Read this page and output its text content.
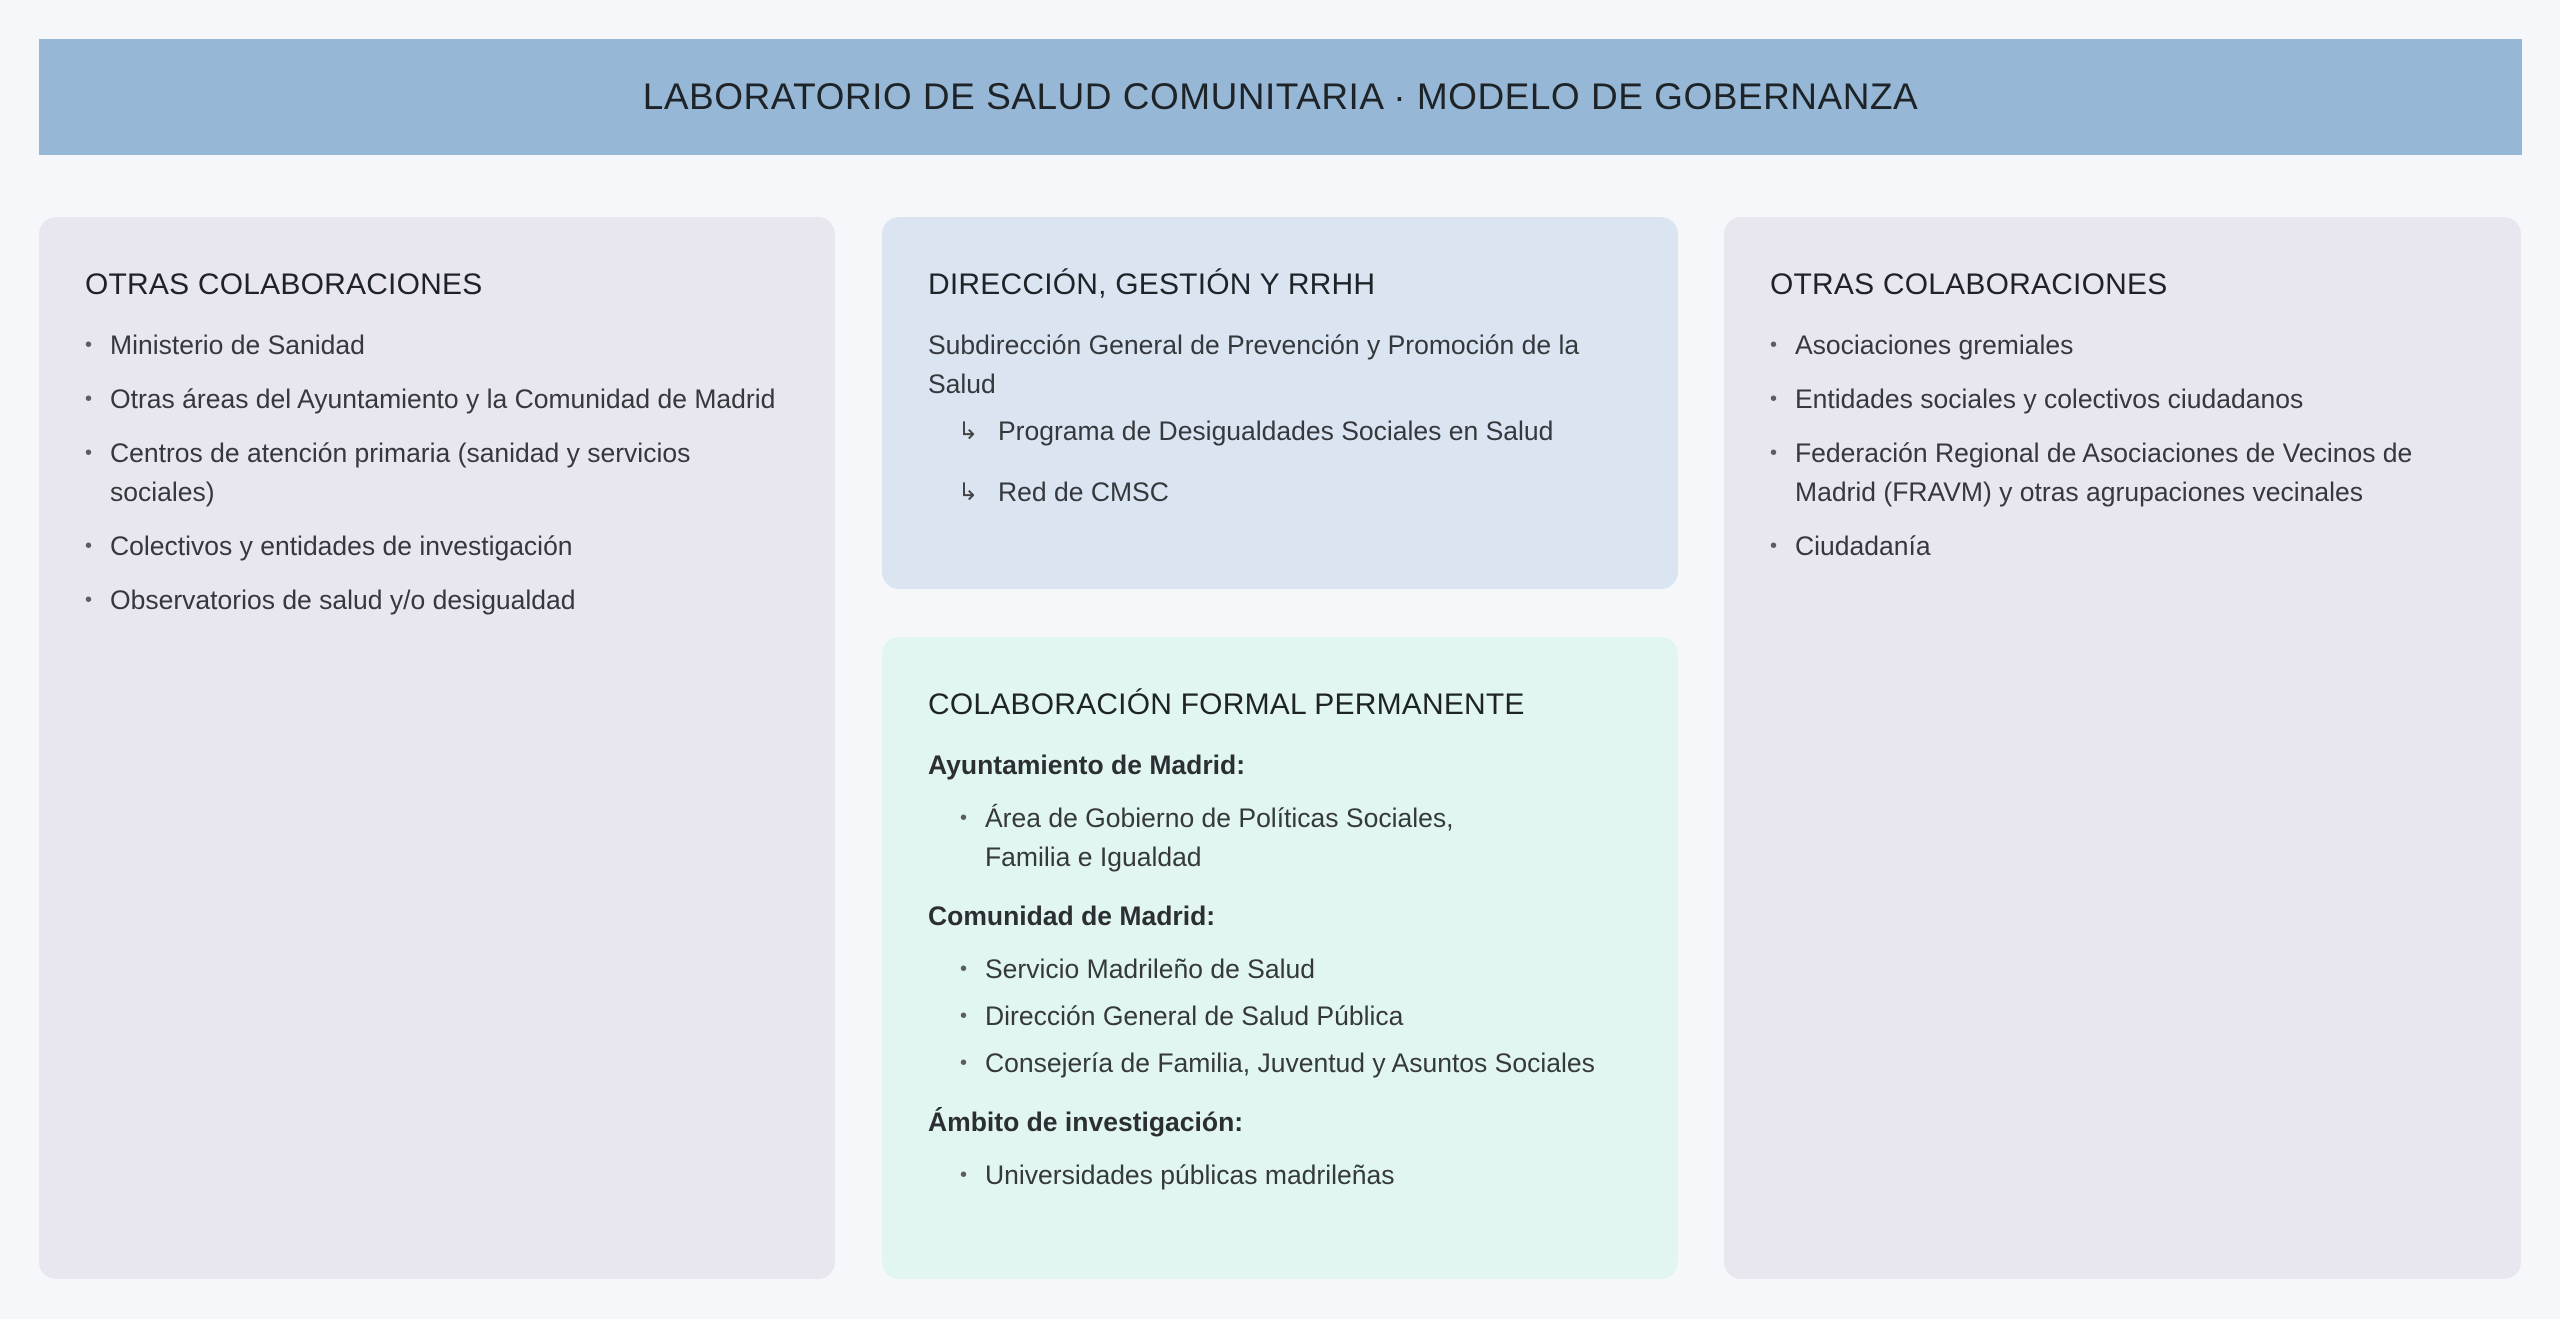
LABORATORIO DE SALUD COMUNITARIA · MODELO DE GOBERNANZA
OTRAS COLABORACIONES
• Ministerio de Sanidad
• Otras áreas del Ayuntamiento y la Comunidad de Madrid
• Centros de atención primaria (sanidad y servicios sociales)
• Colectivos y entidades de investigación
• Observatorios de salud y/o desigualdad
DIRECCIÓN, GESTIÓN Y RRHH
Subdirección General de Prevención y Promoción de la Salud
↳ Programa de Desigualdades Sociales en Salud
↳ Red de CMSC
COLABORACIÓN FORMAL PERMANENTE
Ayuntamiento de Madrid:
• Área de Gobierno de Políticas Sociales, Familia e Igualdad
Comunidad de Madrid:
• Servicio Madrileño de Salud
• Dirección General de Salud Pública
• Consejería de Familia, Juventud y Asuntos Sociales
Ámbito de investigación:
• Universidades públicas madrileñas
OTRAS COLABORACIONES
• Asociaciones gremiales
• Entidades sociales y colectivos ciudadanos
• Federación Regional de Asociaciones de Vecinos de Madrid (FRAVM) y otras agrupaciones vecinales
• Ciudadanía
